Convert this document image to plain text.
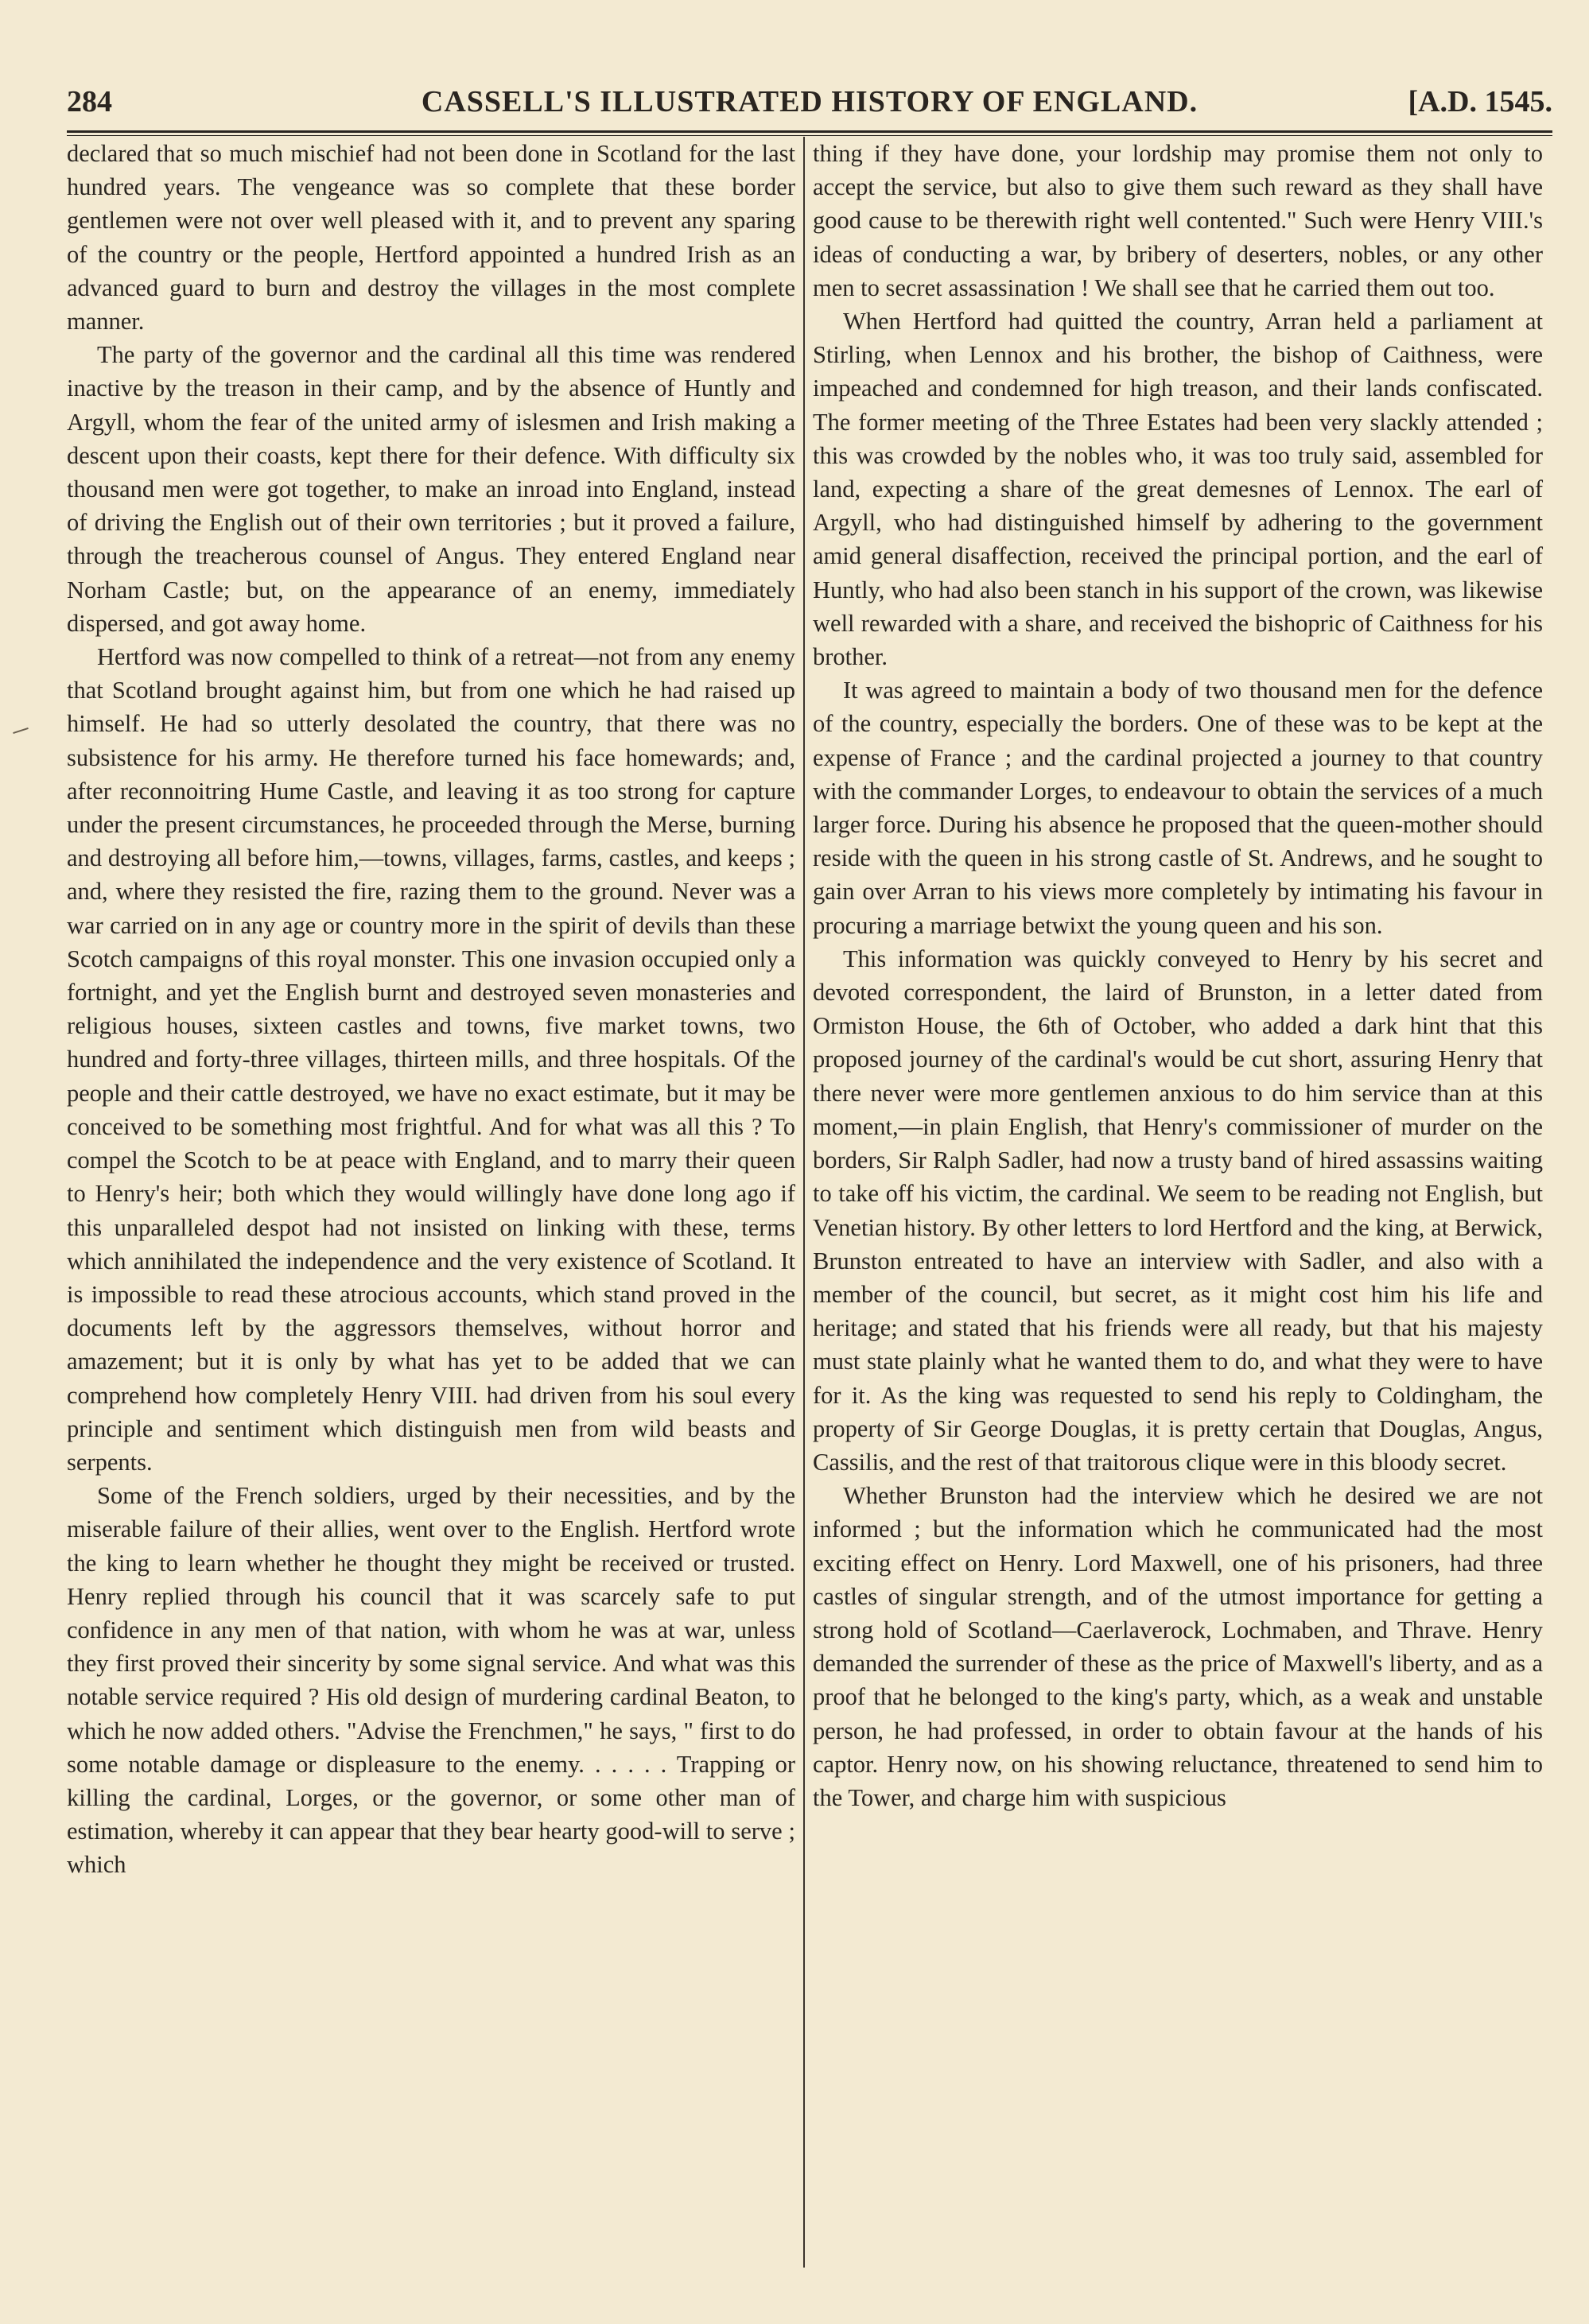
284	CASSELL'S ILLUSTRATED HISTORY OF ENGLAND.	[A.D. 1545.

declared that so much mischief had not been done in Scotland for the last hundred years. The vengeance was so complete that these border gentlemen were not over well pleased with it, and to prevent any sparing of the country or the people, Hertford appointed a hundred Irish as an advanced guard to burn and destroy the villages in the most complete manner.

The party of the governor and the cardinal all this time was rendered inactive by the treason in their camp, and by the absence of Huntly and Argyll, whom the fear of the united army of islesmen and Irish making a descent upon their coasts, kept there for their defence. With difficulty six thousand men were got together, to make an inroad into England, instead of driving the English out of their own territories ; but it proved a failure, through the treacherous counsel of Angus. They entered England near Norham Castle; but, on the appearance of an enemy, immediately dispersed, and got away home.

Hertford was now compelled to think of a retreat—not from any enemy that Scotland brought against him, but from one which he had raised up himself. He had so utterly desolated the country, that there was no subsistence for his army. He therefore turned his face homewards; and, after reconnoitring Hume Castle, and leaving it as too strong for capture under the present circumstances, he proceeded through the Merse, burning and destroying all before him,—towns, villages, farms, castles, and keeps ; and, where they resisted the fire, razing them to the ground. Never was a war carried on in any age or country more in the spirit of devils than these Scotch campaigns of this royal monster. This one invasion occupied only a fortnight, and yet the English burnt and destroyed seven monasteries and religious houses, sixteen castles and towns, five market towns, two hundred and forty-three villages, thirteen mills, and three hospitals. Of the people and their cattle destroyed, we have no exact estimate, but it may be conceived to be something most frightful. And for what was all this ? To compel the Scotch to be at peace with England, and to marry their queen to Henry's heir; both which they would willingly have done long ago if this unparalleled despot had not insisted on linking with these, terms which annihilated the independence and the very existence of Scotland. It is impossible to read these atrocious accounts, which stand proved in the documents left by the aggressors themselves, without horror and amazement; but it is only by what has yet to be added that we can comprehend how completely Henry VIII. had driven from his soul every principle and sentiment which distinguish men from wild beasts and serpents.

Some of the French soldiers, urged by their necessities, and by the miserable failure of their allies, went over to the English. Hertford wrote the king to learn whether he thought they might be received or trusted. Henry replied through his council that it was scarcely safe to put confidence in any men of that nation, with whom he was at war, unless they first proved their sincerity by some signal service. And what was this notable service required ? His old design of murdering cardinal Beaton, to which he now added others. "Advise the Frenchmen," he says, " first to do some notable damage or displeasure to the enemy. . . . . . Trapping or killing the cardinal, Lorges, or the governor, or some other man of estimation, whereby it can appear that they bear hearty good-will to serve ; which

thing if they have done, your lordship may promise them not only to accept the service, but also to give them such reward as they shall have good cause to be therewith right well contented." Such were Henry VIII.'s ideas of conducting a war, by bribery of deserters, nobles, or any other men to secret assassination ! We shall see that he carried them out too.

When Hertford had quitted the country, Arran held a parliament at Stirling, when Lennox and his brother, the bishop of Caithness, were impeached and condemned for high treason, and their lands confiscated. The former meeting of the Three Estates had been very slackly attended ; this was crowded by the nobles who, it was too truly said, assembled for land, expecting a share of the great demesnes of Lennox. The earl of Argyll, who had distinguished himself by adhering to the government amid general disaffection, received the principal portion, and the earl of Huntly, who had also been stanch in his support of the crown, was likewise well rewarded with a share, and received the bishopric of Caithness for his brother.

It was agreed to maintain a body of two thousand men for the defence of the country, especially the borders. One of these was to be kept at the expense of France ; and the cardinal projected a journey to that country with the commander Lorges, to endeavour to obtain the services of a much larger force. During his absence he proposed that the queen-mother should reside with the queen in his strong castle of St. Andrews, and he sought to gain over Arran to his views more completely by intimating his favour in procuring a marriage betwixt the young queen and his son.

This information was quickly conveyed to Henry by his secret and devoted correspondent, the laird of Brunston, in a letter dated from Ormiston House, the 6th of October, who added a dark hint that this proposed journey of the cardinal's would be cut short, assuring Henry that there never were more gentlemen anxious to do him service than at this moment,—in plain English, that Henry's commissioner of murder on the borders, Sir Ralph Sadler, had now a trusty band of hired assassins waiting to take off his victim, the cardinal. We seem to be reading not English, but Venetian history. By other letters to lord Hertford and the king, at Berwick, Brunston entreated to have an interview with Sadler, and also with a member of the council, but secret, as it might cost him his life and heritage; and stated that his friends were all ready, but that his majesty must state plainly what he wanted them to do, and what they were to have for it. As the king was requested to send his reply to Coldingham, the property of Sir George Douglas, it is pretty certain that Douglas, Angus, Cassilis, and the rest of that traitorous clique were in this bloody secret.

Whether Brunston had the interview which he desired we are not informed ; but the information which he communicated had the most exciting effect on Henry. Lord Maxwell, one of his prisoners, had three castles of singular strength, and of the utmost importance for getting a strong hold of Scotland—Caerlaverock, Lochmaben, and Thrave. Henry demanded the surrender of these as the price of Maxwell's liberty, and as a proof that he belonged to the king's party, which, as a weak and unstable person, he had professed, in order to obtain favour at the hands of his captor. Henry now, on his showing reluctance, threatened to send him to the Tower, and charge him with suspicious
